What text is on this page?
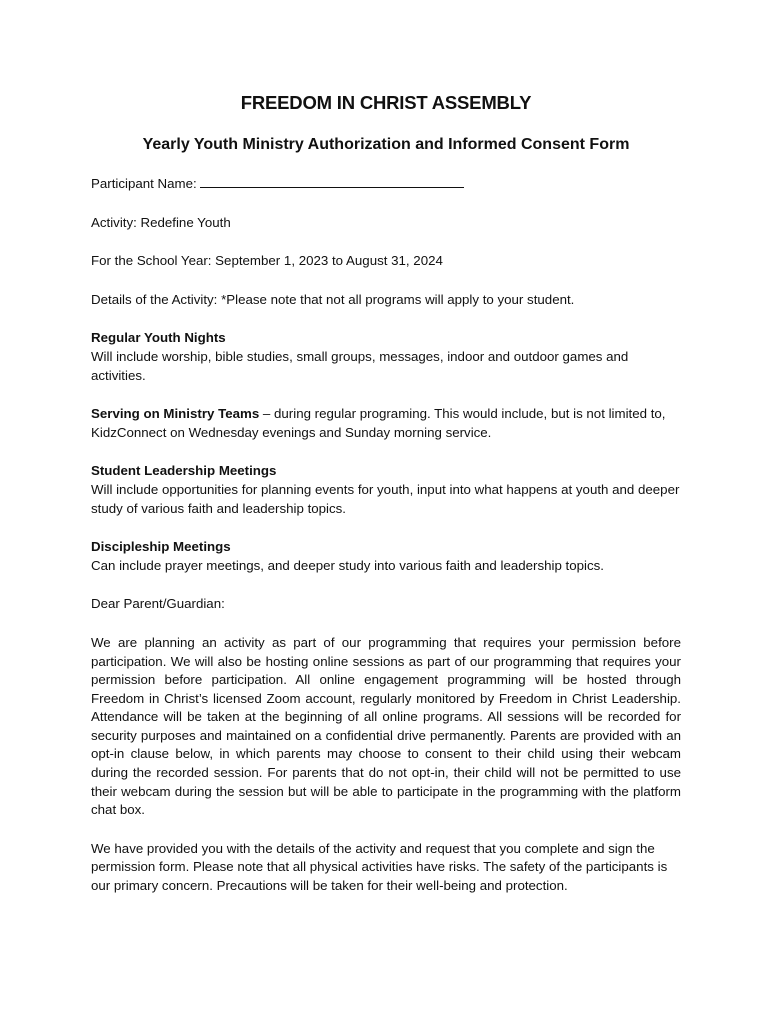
FREEDOM IN CHRIST ASSEMBLY
Yearly Youth Ministry Authorization and Informed Consent Form
Participant Name:
Activity: Redefine Youth
For the School Year: September 1, 2023 to August 31, 2024
Details of the Activity: *Please note that not all programs will apply to your student.
Regular Youth Nights
Will include worship, bible studies, small groups, messages, indoor and outdoor games and activities.
Serving on Ministry Teams – during regular programing. This would include, but is not limited to, KidzConnect on Wednesday evenings and Sunday morning service.
Student Leadership Meetings
Will include opportunities for planning events for youth, input into what happens at youth and deeper study of various faith and leadership topics.
Discipleship Meetings
Can include prayer meetings, and deeper study into various faith and leadership topics.
Dear Parent/Guardian:
We are planning an activity as part of our programming that requires your permission before participation. We will also be hosting online sessions as part of our programming that requires your permission before participation. All online engagement programming will be hosted through Freedom in Christ’s licensed Zoom account, regularly monitored by Freedom in Christ Leadership. Attendance will be taken at the beginning of all online programs. All sessions will be recorded for security purposes and maintained on a confidential drive permanently. Parents are provided with an opt-in clause below, in which parents may choose to consent to their child using their webcam during the recorded session. For parents that do not opt-in, their child will not be permitted to use their webcam during the session but will be able to participate in the programming with the platform chat box.
We have provided you with the details of the activity and request that you complete and sign the permission form. Please note that all physical activities have risks. The safety of the participants is our primary concern. Precautions will be taken for their well-being and protection.
